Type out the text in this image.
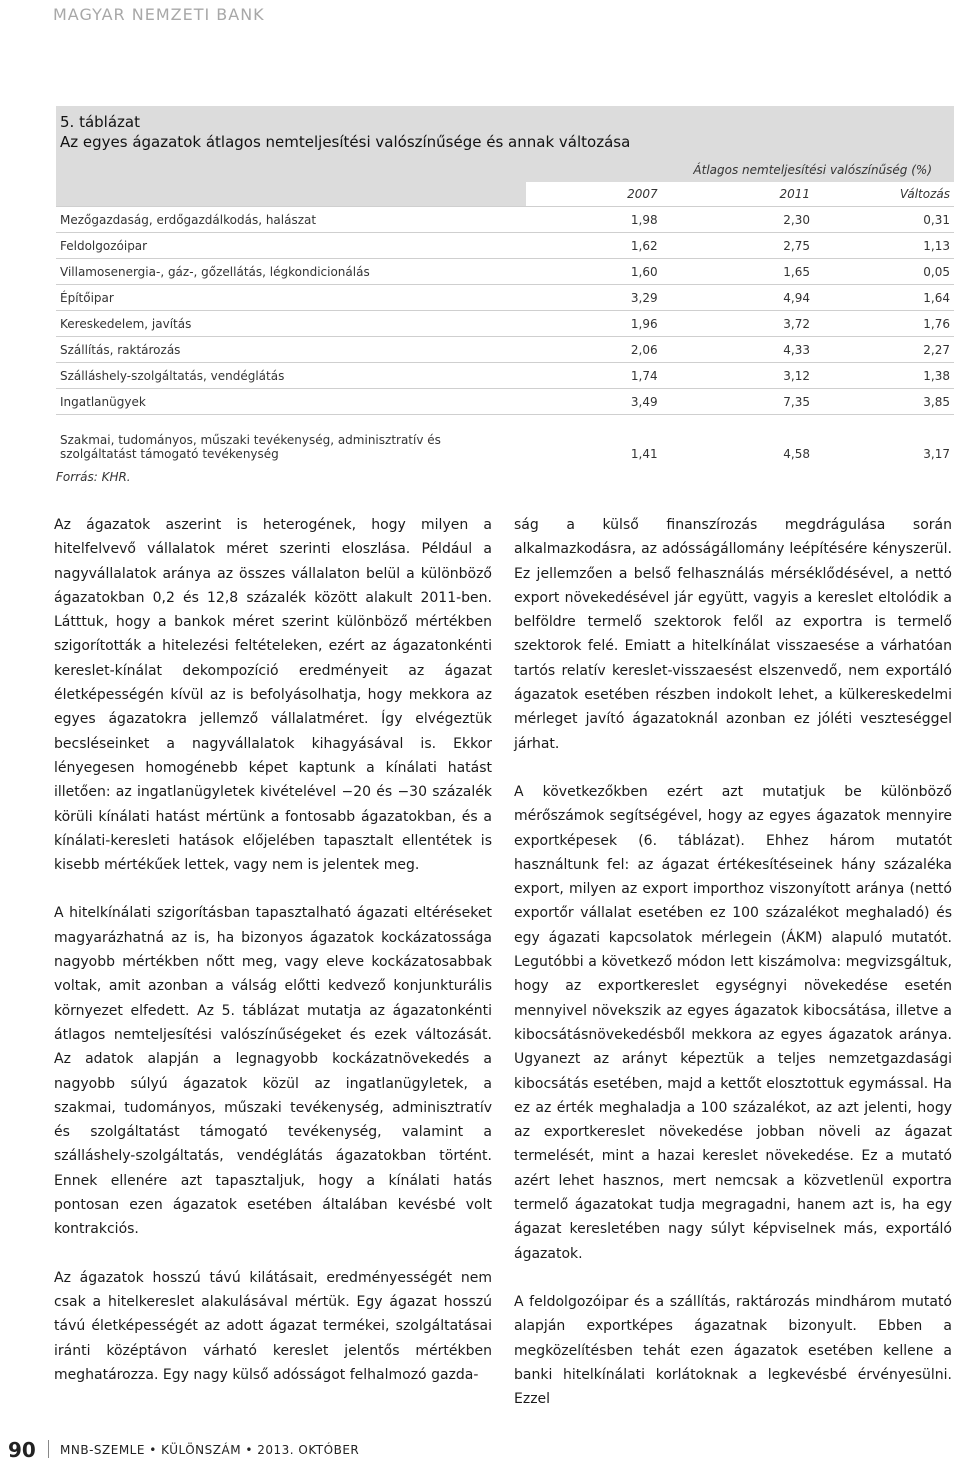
MAGYAR NEMZETI BANK
5. táblázat
Az egyes ágazatok átlagos nemteljesítési valószínűsége és annak változása
	Átlagos nemteljesítési valószínűség (%)		
	2007	2011	Változás
Mezőgazdaság, erdőgazdálkodás, halászat	1,98	2,30	0,31
Feldolgozóipar	1,62	2,75	1,13
Villamosenergia-, gáz-, gőzellátás, légkondicionálás	1,60	1,65	0,05
Építőipar	3,29	4,94	1,64
Kereskedelem, javítás	1,96	3,72	1,76
Szállítás, raktározás	2,06	4,33	2,27
Szálláshely-szolgáltatás, vendéglátás	1,74	3,12	1,38
Ingatlanügyek	3,49	7,35	3,85

Szakmai, tudományos, műszaki tevékenység, adminisztratív és
szolgáltatást támogató tevékenység	1,41	4,58	3,17
Forrás: KHR.

Az ágazatok aszerint is heterogének, hogy milyen a hitelfelvevő vállalatok méret szerinti eloszlása. Például a nagyvállalatok aránya az összes vállalaton belül a különböző ágazatokban 0,2 és 12,8 százalék között alakult 2011-ben. Látttuk, hogy a bankok méret szerint különböző mértékben szigorították a hitelezési feltételeken, ezért az ágazatonkénti kereslet-kínálat dekompozíció eredményeit az ágazat életképességén kívül az is befolyásolhatja, hogy mekkora az egyes ágazatokra jellemző vállalatméret. Így elvégeztük becsléseinket a nagyvállalatok kihagyásával is. Ekkor lényegesen homogénebb képet kaptunk a kínálati hatást illetően: az ingatlanügyletek kivételével −20 és −30 százalék körüli kínálati hatást mértünk a fontosabb ágazatokban, és a kínálati-keresleti hatások előjelében tapasztalt ellentétek is kisebb mértékűek lettek, vagy nem is jelentek meg.

A hitelkínálati szigorításban tapasztalható ágazati eltéréseket magyarázhatná az is, ha bizonyos ágazatok kockázatossága nagyobb mértékben nőtt meg, vagy eleve kockázatosabbak voltak, amit azonban a válság előtti kedvező konjunkturális környezet elfedett. Az 5. táblázat mutatja az ágazatonkénti átlagos nemteljesítési valószínűségeket és ezek változását. Az adatok alapján a legnagyobb kockázatnövekedés a nagyobb súlyú ágazatok közül az ingatlanügyletek, a szakmai, tudományos, műszaki tevékenység, adminisztratív és szolgáltatást támogató tevékenység, valamint a szálláshely-szolgáltatás, vendéglátás ágazatokban történt. Ennek ellenére azt tapasztaljuk, hogy a kínálati hatás pontosan ezen ágazatok esetében általában kevésbé volt kontrakciós.

Az ágazatok hosszú távú kilátásait, eredményességét nem csak a hitelkereslet alakulásával mértük. Egy ágazat hosszú távú életképességét az adott ágazat termékei, szolgáltatásai iránti középtávon várható kereslet jelentős mértékben meghatározza. Egy nagy külső adósságot felhalmozó gazda-

ság a külső finanszírozás megdrágulása során alkalmazkodásra, az adósságállomány leépítésére kényszerül. Ez jellemzően a belső felhasználás mérséklődésével, a nettó export növekedésével jár együtt, vagyis a kereslet eltolódik a belföldre termelő szektorok felől az exportra is termelő szektorok felé. Emiatt a hitelkínálat visszaesése a várhatóan tartós relatív kereslet-visszaesést elszenvedő, nem exportáló ágazatok esetében részben indokolt lehet, a külkereskedelmi mérleget javító ágazatoknál azonban ez jóléti veszteséggel járhat.

A következőkben ezért azt mutatjuk be különböző mérőszámok segítségével, hogy az egyes ágazatok mennyire exportképesek (6. táblázat). Ehhez három mutatót használtunk fel: az ágazat értékesítéseinek hány százaléka export, milyen az export importhoz viszonyított aránya (nettó exportőr vállalat esetében ez 100 százalékot meghaladó) és egy ágazati kapcsolatok mérlegein (ÁKM) alapuló mutatót. Legutóbbi a következő módon lett kiszámolva: megvizsgáltuk, hogy az exportkereslet egységnyi növekedése esetén mennyivel növekszik az egyes ágazatok kibocsátása, illetve a kibocsátásnövekedésből mekkora az egyes ágazatok aránya. Ugyanezt az arányt képeztük a teljes nemzetgazdasági kibocsátás esetében, majd a kettőt elosztottuk egymással. Ha ez az érték meghaladja a 100 százalékot, az azt jelenti, hogy az exportkereslet növekedése jobban növeli az ágazat termelését, mint a hazai kereslet növekedése. Ez a mutató azért lehet hasznos, mert nemcsak a közvetlenül exportra termelő ágazatokat tudja megragadni, hanem azt is, ha egy ágazat keresletében nagy súlyt képviselnek más, exportáló ágazatok.

A feldolgozóipar és a szállítás, raktározás mindhárom mutató alapján exportképes ágazatnak bizonyult. Ebben a megközelítésben tehát ezen ágazatok esetében kellene a banki hitelkínálati korlátoknak a legkevésbé érvényesülni. Ezzel

90 MNB-SZEMLE • KÜLÖNSZÁM • 2013. OKTÓBER
